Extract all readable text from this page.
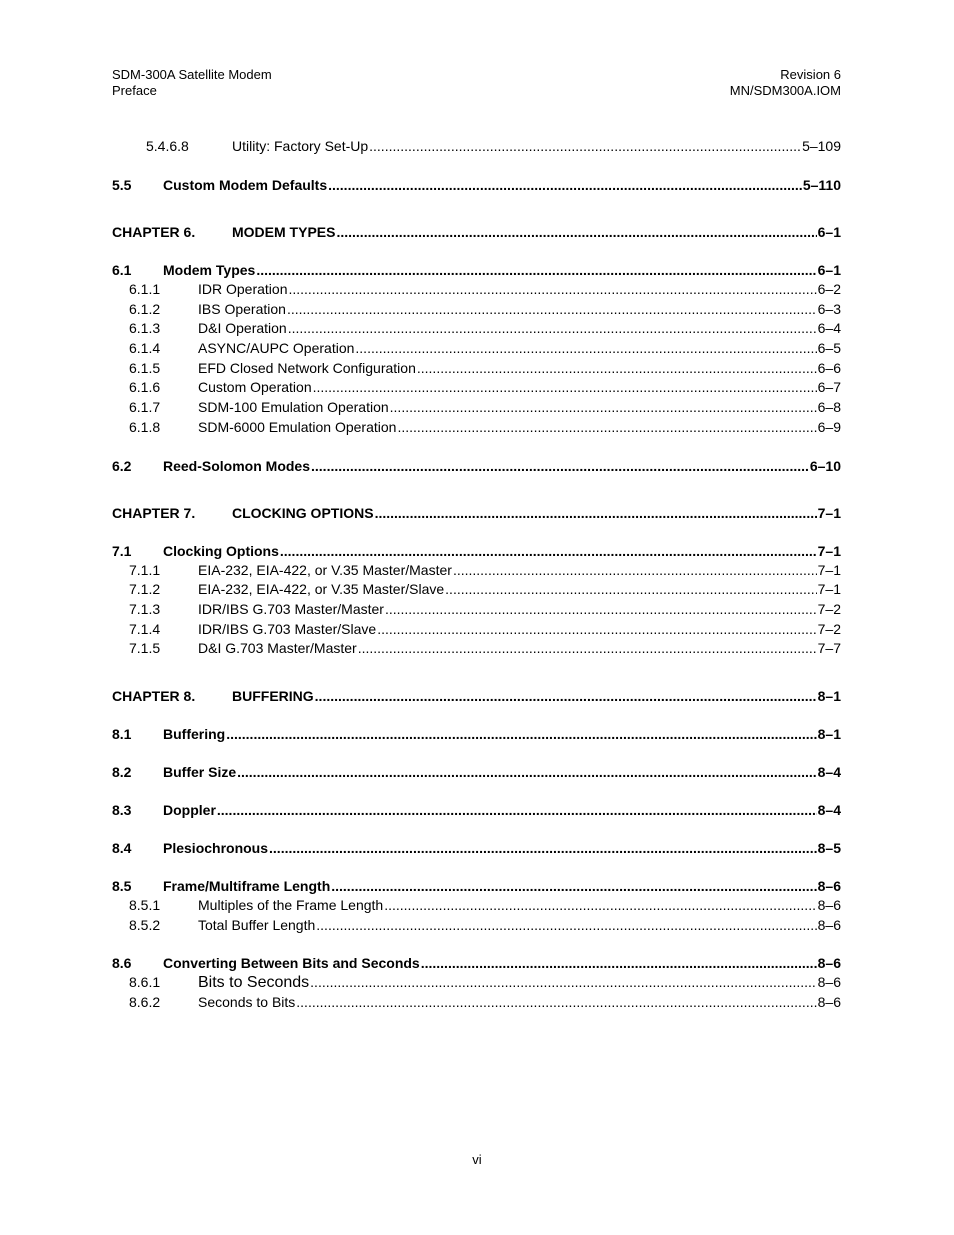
SDM-300A Satellite Modem
Preface
Revision 6
MN/SDM300A.IOM
5.4.6.8	Utility: Factory Set-Up .....	5–109
5.5	Custom Modem Defaults .....	5–110
CHAPTER 6.	MODEM TYPES .....	6–1
6.1	Modem Types .....	6–1
6.1.1	IDR Operation .....	6–2
6.1.2	IBS Operation .....	6–3
6.1.3	D&I Operation .....	6–4
6.1.4	ASYNC/AUPC Operation .....	6–5
6.1.5	EFD Closed Network Configuration .....	6–6
6.1.6	Custom Operation .....	6–7
6.1.7	SDM-100 Emulation Operation .....	6–8
6.1.8	SDM-6000 Emulation Operation .....	6–9
6.2	Reed-Solomon Modes .....	6–10
CHAPTER 7.	CLOCKING OPTIONS .....	7–1
7.1	Clocking Options .....	7–1
7.1.1	EIA-232, EIA-422, or V.35 Master/Master .....	7–1
7.1.2	EIA-232, EIA-422, or V.35 Master/Slave .....	7–1
7.1.3	IDR/IBS G.703 Master/Master .....	7–2
7.1.4	IDR/IBS G.703 Master/Slave .....	7–2
7.1.5	D&I G.703 Master/Master .....	7–7
CHAPTER 8.	BUFFERING .....	8–1
8.1	Buffering .....	8–1
8.2	Buffer Size .....	8–4
8.3	Doppler .....	8–4
8.4	Plesiochronous .....	8–5
8.5	Frame/Multiframe Length .....	8–6
8.5.1	Multiples of the Frame Length .....	8–6
8.5.2	Total Buffer Length .....	8–6
8.6	Converting Between Bits and Seconds .....	8–6
8.6.1	Bits to Seconds .....	8–6
8.6.2	Seconds to Bits .....	8–6
vi
